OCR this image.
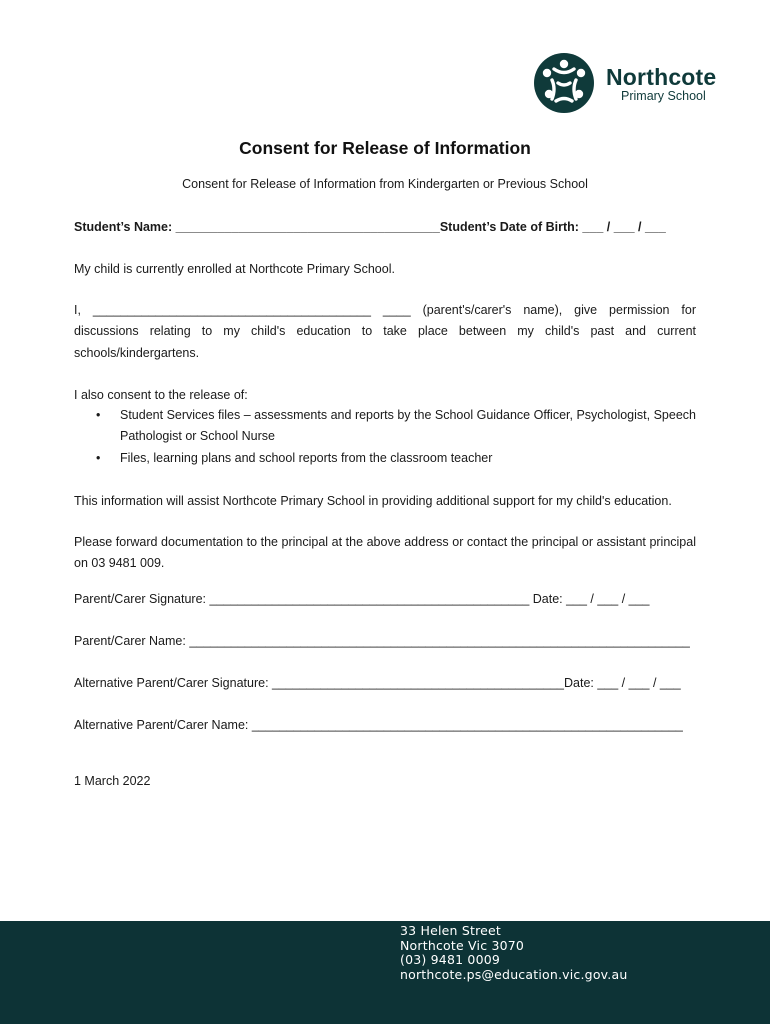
Northcote
Primary School
Consent for Release of Information
Consent for Release of Information from Kindergarten or Previous School
Student’s Name: ______________________________________Student’s Date of Birth: ___ / ___ / ___
My child is currently enrolled at Northcote Primary School.
I, ________________________________________ ____ (parent's/carer's name), give permission for discussions relating to my child's education to take place between my child's past and current schools/kindergartens.
I also consent to the release of:
• Student Services files – assessments and reports by the School Guidance Officer, Psychologist, Speech Pathologist or School Nurse
• Files, learning plans and school reports from the classroom teacher
This information will assist Northcote Primary School in providing additional support for my child's education.
Please forward documentation to the principal at the above address or contact the principal or assistant principal on 03 9481 009.
Parent/Carer Signature: ______________________________________________ Date: ___ / ___ / ___
Parent/Carer Name: ________________________________________________________________________
Alternative Parent/Carer Signature: __________________________________________Date: ___ / ___ / ___
Alternative Parent/Carer Name: ______________________________________________________________
1 March 2022
33 Helen Street
Northcote Vic 3070
(03) 9481 0009
northcote.ps@education.vic.gov.au
